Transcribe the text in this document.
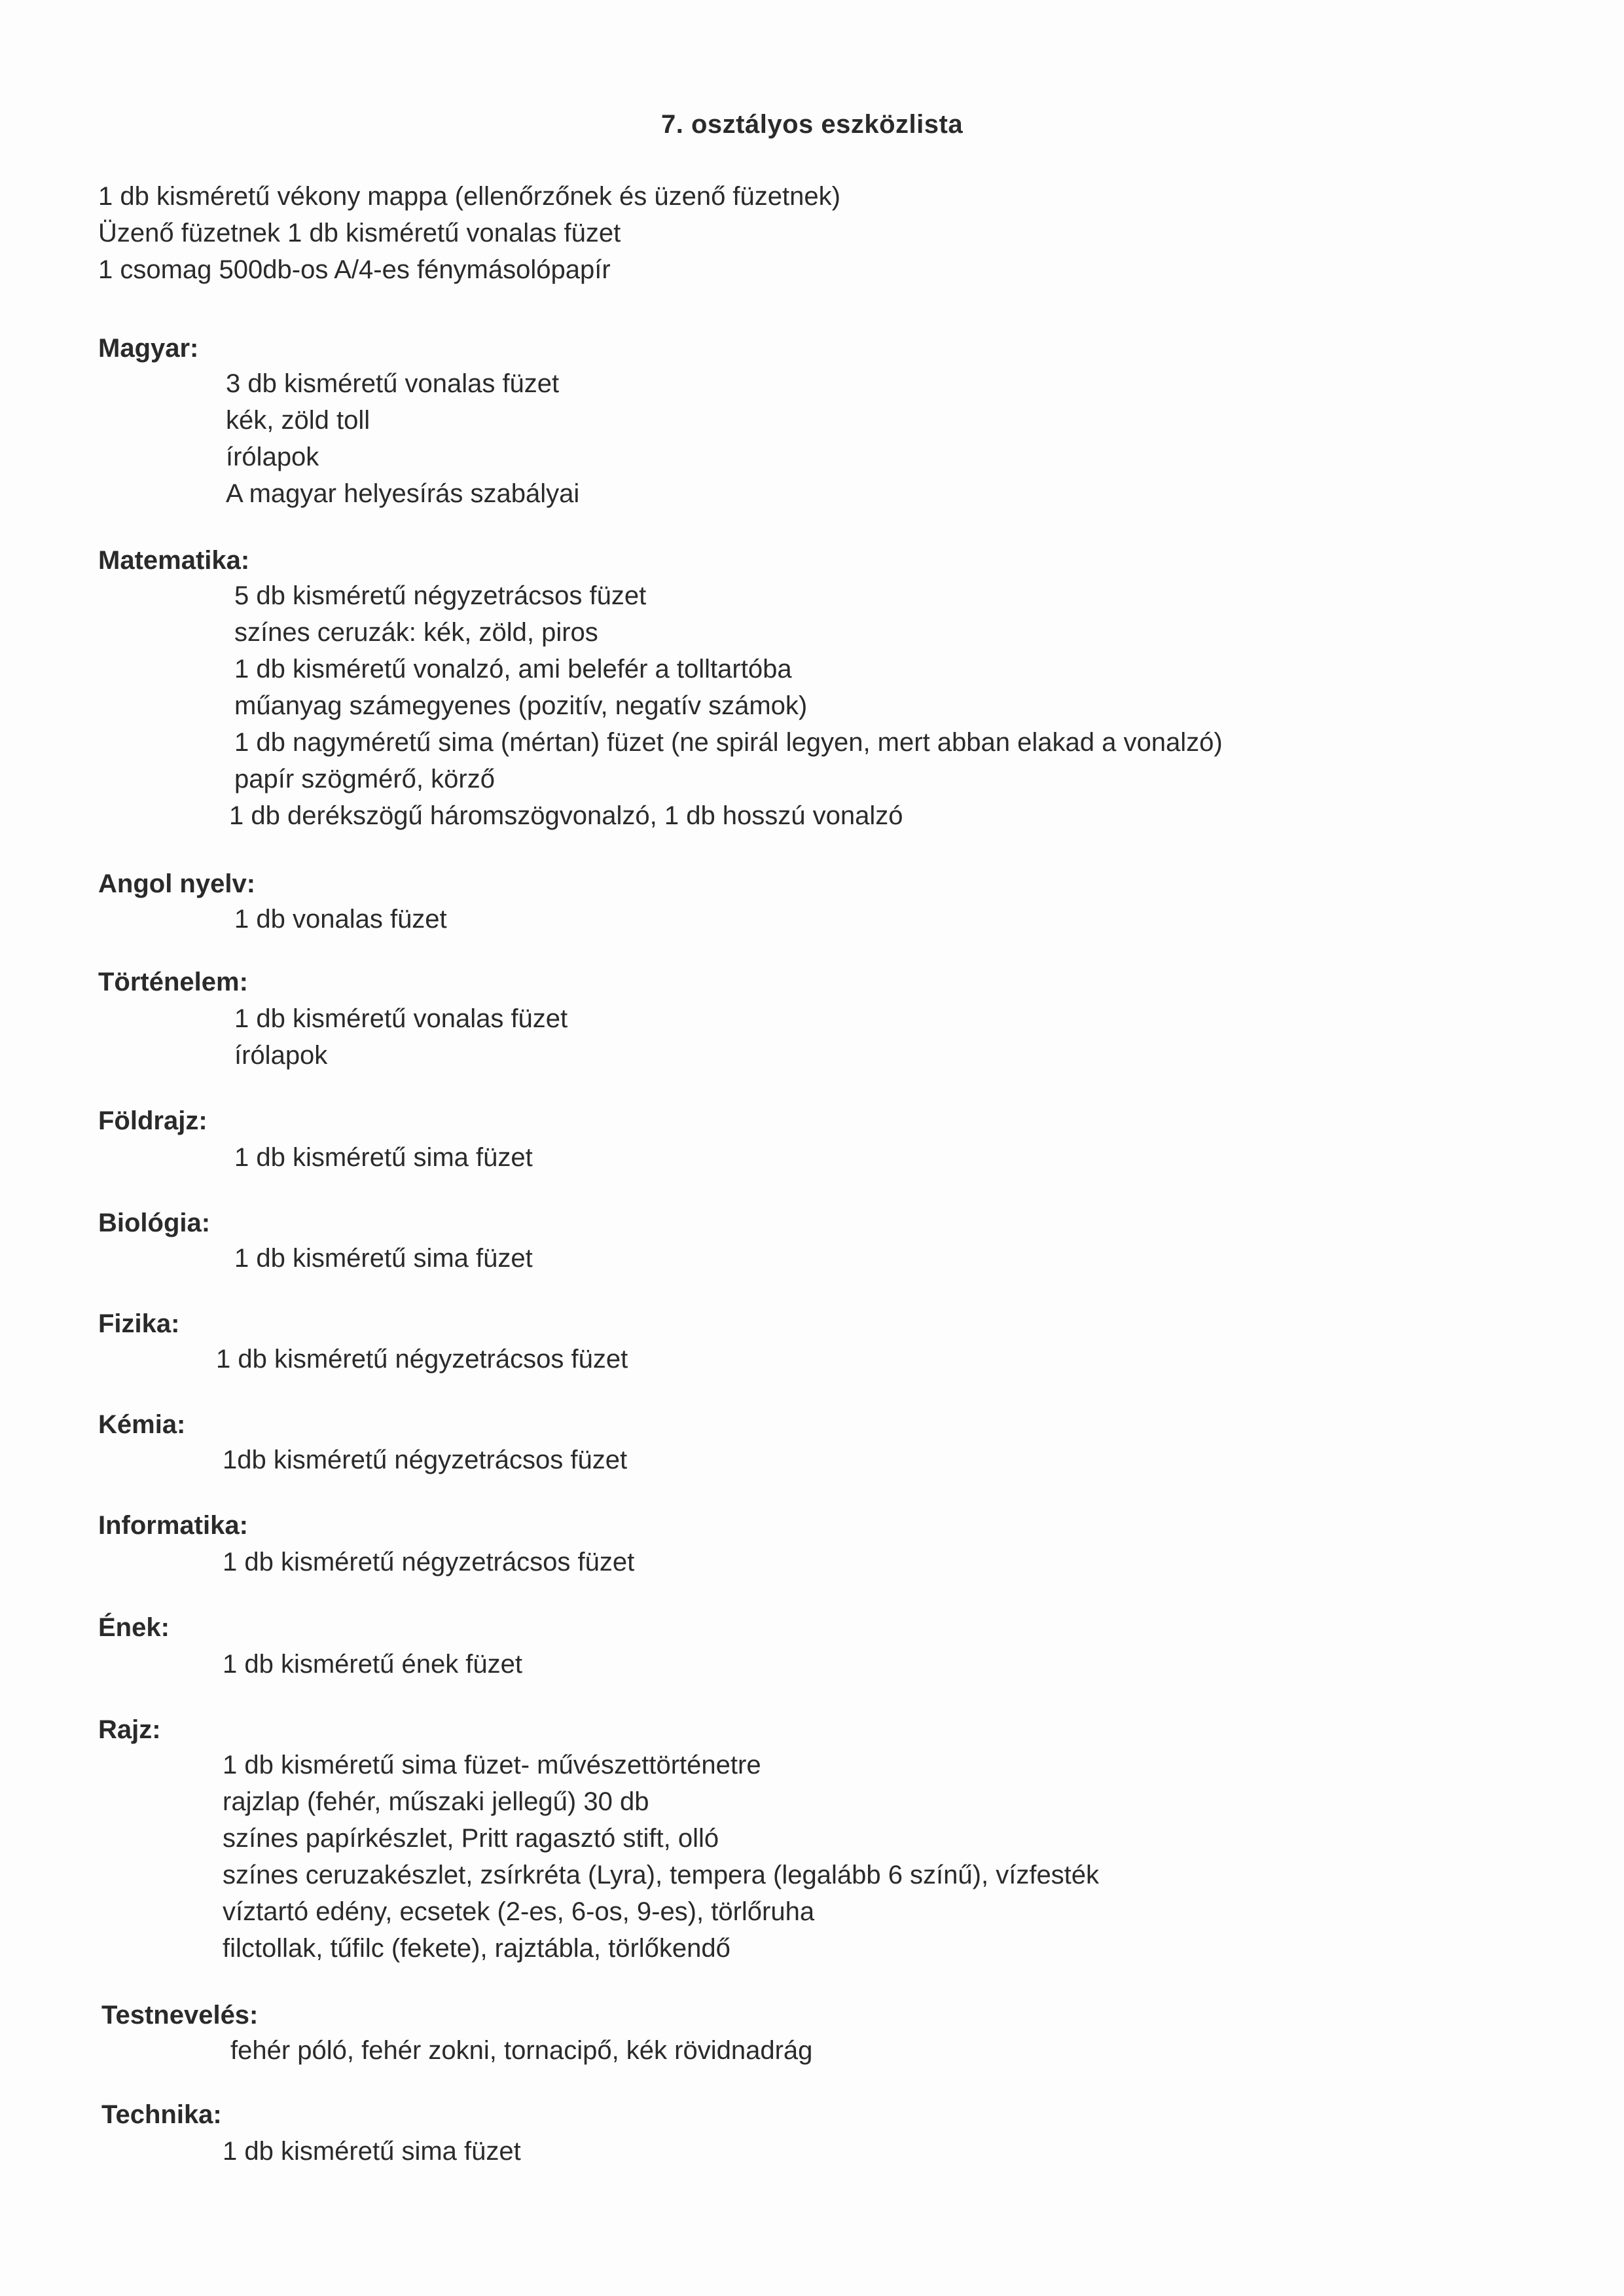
7. osztályos eszközlista
1 db kisméretű vékony mappa (ellenőrzőnek és üzenő füzetnek)
Üzenő füzetnek 1 db kisméretű vonalas füzet
1 csomag 500db-os A/4-es fénymásolópapír
Magyar:
3 db kisméretű vonalas füzet
kék, zöld toll
írólapok
A magyar helyesírás szabályai
Matematika:
5 db kisméretű négyzetrácsos füzet
színes ceruzák: kék, zöld, piros
1 db kisméretű vonalzó, ami belefér a tolltartóba
műanyag számegyenes (pozitív, negatív számok)
1 db nagyméretű sima (mértan) füzet (ne spirál legyen, mert abban elakad a vonalzó)
papír szögmérő, körző
1 db derékszögű háromszögvonalzó, 1 db hosszú vonalzó
Angol nyelv:
1 db vonalas füzet
Történelem:
1 db kisméretű vonalas füzet
írólapok
Földrajz:
1 db kisméretű sima füzet
Biológia:
1 db kisméretű sima füzet
Fizika:
1 db kisméretű négyzetrácsos füzet
Kémia:
1db kisméretű négyzetrácsos füzet
Informatika:
1 db kisméretű négyzetrácsos füzet
Ének:
1 db kisméretű ének füzet
Rajz:
1 db kisméretű sima füzet- művészettörténetre
rajzlap (fehér, műszaki jellegű) 30 db
színes papírkészlet, Pritt ragasztó stift, olló
színes ceruzakészlet, zsírkréta (Lyra), tempera (legalább 6 színű), vízfesték
víztartó edény, ecsetek (2-es, 6-os, 9-es), törlőruha
filctollak, tűfilc (fekete), rajztábla, törlőkendő
Testnevelés:
fehér póló, fehér zokni, tornacipő, kék rövidnadrág
Technika:
1 db kisméretű sima füzet
